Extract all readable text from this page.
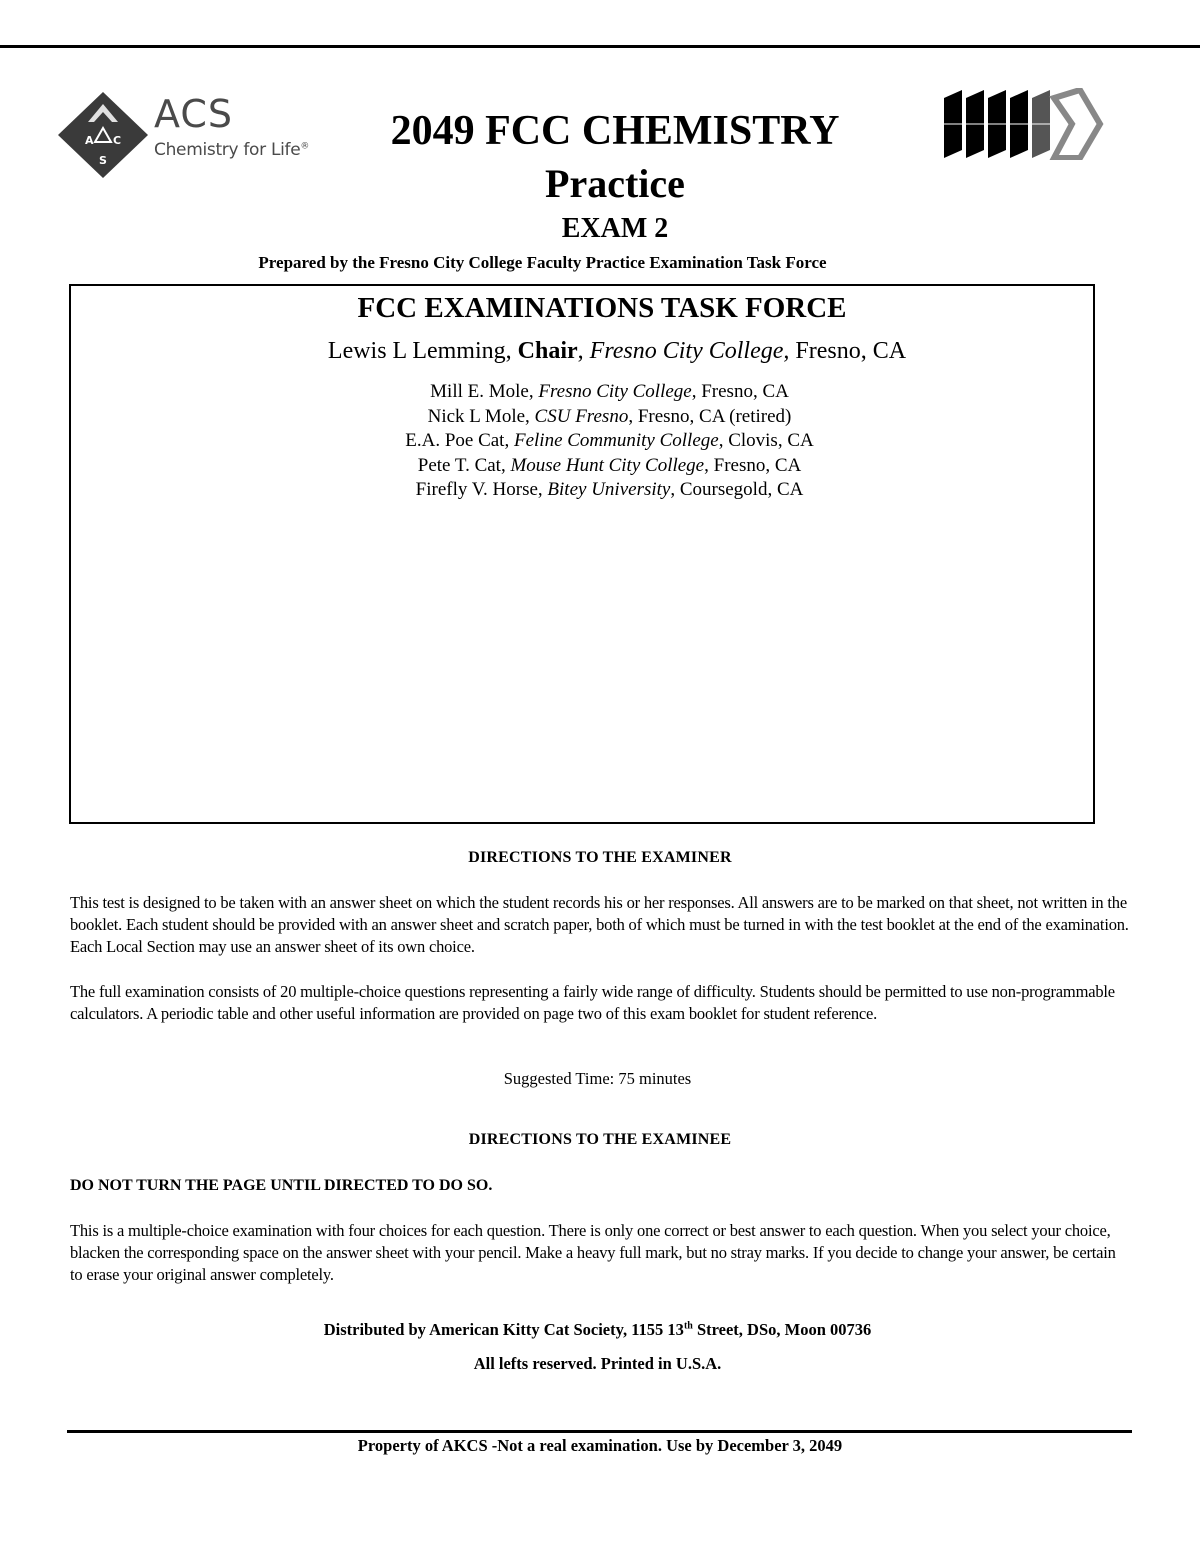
A C
S
ACS
Chemistry for Life®	2049 FCC CHEMISTRY
Practice
EXAM 2
Prepared by the Fresno City College Faculty Practice Examination Task Force
FCC EXAMINATIONS TASK FORCE
Lewis L Lemming, Chair, Fresno City College, Fresno, CA
Mill E. Mole, Fresno City College, Fresno, CA
Nick L Mole, CSU Fresno, Fresno, CA (retired)
E.A. Poe Cat, Feline Community College, Clovis, CA
Pete T. Cat, Mouse Hunt City College, Fresno, CA
Firefly V. Horse, Bitey University, Coursegold, CA
DIRECTIONS TO THE EXAMINER
This test is designed to be taken with an answer sheet on which the student records his or her responses. All answers are to be marked on that sheet, not written in the booklet. Each student should be provided with an answer sheet and scratch paper, both of which must be turned in with the test booklet at the end of the examination. Each Local Section may use an answer sheet of its own choice.
The full examination consists of 20 multiple-choice questions representing a fairly wide range of difficulty. Students should be permitted to use non-programmable calculators. A periodic table and other useful information are provided on page two of this exam booklet for student reference.
Suggested Time: 75 minutes
DIRECTIONS TO THE EXAMINEE
DO NOT TURN THE PAGE UNTIL DIRECTED TO DO SO.
This is a multiple-choice examination with four choices for each question. There is only one correct or best answer to each question. When you select your choice, blacken the corresponding space on the answer sheet with your pencil. Make a heavy full mark, but no stray marks. If you decide to change your answer, be certain to erase your original answer completely.
Distributed by American Kitty Cat Society, 1155 13th Street, DSo, Moon 00736
All lefts reserved. Printed in U.S.A.
Property of AKCS -Not a real examination. Use by December 3, 2049
